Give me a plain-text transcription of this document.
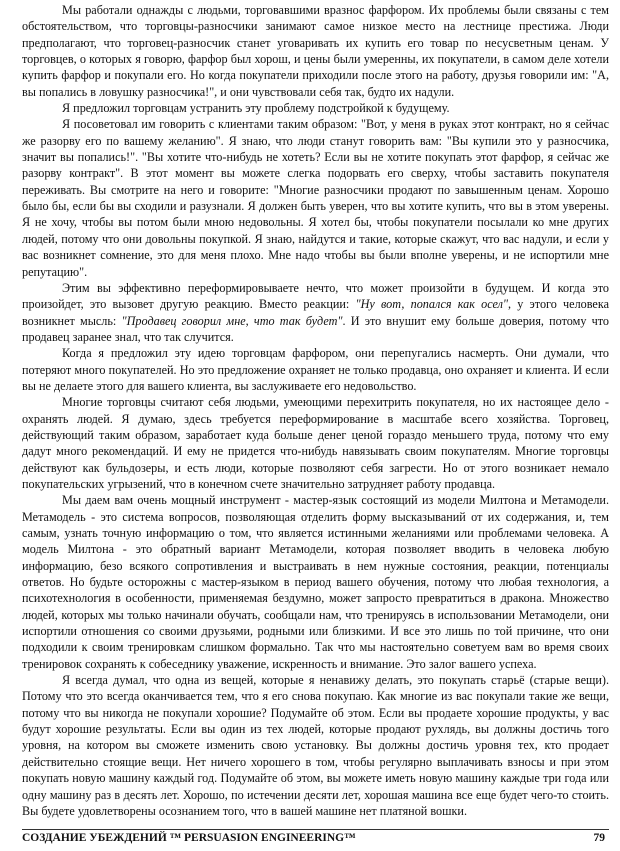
Мы работали однажды с людьми, торговавшими вразнос фарфором. Их проблемы были связаны с тем обстоятельством, что торговцы-разносчики занимают самое низкое место на лестнице престижа. Люди предполагают, что торговец-разносчик станет уговаривать их купить его товар по несусветным ценам. У торговцев, о которых я говорю, фарфор был хорош, и цены были умеренны, их покупатели, в самом деле хотели купить фарфор и покупали его. Но когда покупатели приходили после этого на работу, друзья говорили им: "А, вы попались в ловушку разносчика!", и они чувствовали себя так, будто их надули.

Я предложил торговцам устранить эту проблему подстройкой к будущему.

Я посоветовал им говорить с клиентами таким образом: "Вот, у меня в руках этот контракт, но я сейчас же разорву его по вашему желанию". Я знаю, что люди станут говорить вам: "Вы купили это у разносчика, значит вы попались!". "Вы хотите что-нибудь не хотеть? Если вы не хотите покупать этот фарфор, я сейчас же разорву контракт". В этот момент вы можете слегка подорвать его сверху, чтобы заставить покупателя переживать. Вы смотрите на него и говорите: "Многие разносчики продают по завышенным ценам. Хорошо было бы, если бы вы сходили и разузнали. Я должен быть уверен, что вы хотите купить, что вы в этом уверены. Я не хочу, чтобы вы потом были мною недовольны. Я хотел бы, чтобы покупатели посылали ко мне других людей, потому что они довольны покупкой. Я знаю, найдутся и такие, которые скажут, что вас надули, и если у вас возникнет сомнение, это для меня плохо. Мне надо чтобы вы были вполне уверены, и не испортили мне репутацию".

Этим вы эффективно переформировываете нечто, что может произойти в будущем. И когда это произойдет, это вызовет другую реакцию. Вместо реакции: "Ну вот, попался как осел", у этого человека возникнет мысль: "Продавец говорил мне, что так будет". И это внушит ему больше доверия, потому что продавец заранее знал, что так случится.

Когда я предложил эту идею торговцам фарфором, они перепугались насмерть. Они думали, что потеряют много покупателей. Но это предложение охраняет не только продавца, оно охраняет и клиента. И если вы не делаете этого для вашего клиента, вы заслуживаете его недовольство.

Многие торговцы считают себя людьми, умеющими перехитрить покупателя, но их настоящее дело - охранять людей. Я думаю, здесь требуется переформирование в масштабе всего хозяйства. Торговец, действующий таким образом, заработает куда больше денег ценой гораздо меньшего труда, потому что ему дадут много рекомендаций. И ему не придется что-нибудь навязывать своим покупателям. Многие торговцы действуют как бульдозеры, и есть люди, которые позволяют себя загрести. Но от этого возникает немало покупательских угрызений, что в конечном счете значительно затрудняет работу продавца.

Мы даем вам очень мощный инструмент - мастер-язык состоящий из модели Милтона и Метамодели. Метамодель - это система вопросов, позволяющая отделить форму высказываний от их содержания, и, тем самым, узнать точную информацию о том, что является истинными желаниями или проблемами человека. А модель Милтона - это обратный вариант Метамодели, которая позволяет вводить в человека любую информацию, безо всякого сопротивления и выстраивать в нем нужные состояния, реакции, потенциалы ответов. Но будьте осторожны с мастер-языком в период вашего обучения, потому что любая технология, а психотехнология в особенности, применяемая бездумно, может запросто превратиться в дракона. Множество людей, которых мы только начинали обучать, сообщали нам, что тренируясь в использовании Метамодели, они испортили отношения со своими друзьями, родными или близкими. И все это лишь по той причине, что они подходили к своим тренировкам слишком формально. Так что мы настоятельно советуем вам во время своих тренировок сохранять к собеседнику уважение, искренность и внимание. Это залог вашего успеха.

Я всегда думал, что одна из вещей, которые я ненавижу делать, это покупать старьё (старые вещи). Потому что это всегда оканчивается тем, что я его снова покупаю. Как многие из вас покупали такие же вещи, потому что вы никогда не покупали хорошие? Подумайте об этом. Если вы продаете хорошие продукты, у вас будут хорошие результаты. Если вы один из тех людей, которые продают рухлядь, вы должны достичь того уровня, на котором вы сможете изменить свою установку. Вы должны достичь уровня тех, кто продает действительно стоящие вещи. Нет ничего хорошего в том, чтобы регулярно выплачивать взносы и при этом покупать новую машину каждый год. Подумайте об этом, вы можете иметь новую машину каждые три года или одну машину раз в десять лет. Хорошо, по истечении десяти лет, хорошая машина все еще будет чего-то стоить. Вы будете удовлетворены осознанием того, что в вашей машине нет платяной вошки.

СОЗДАНИЕ УБЕЖДЕНИЙ ™ PERSUASION ENGINEERING™	79
